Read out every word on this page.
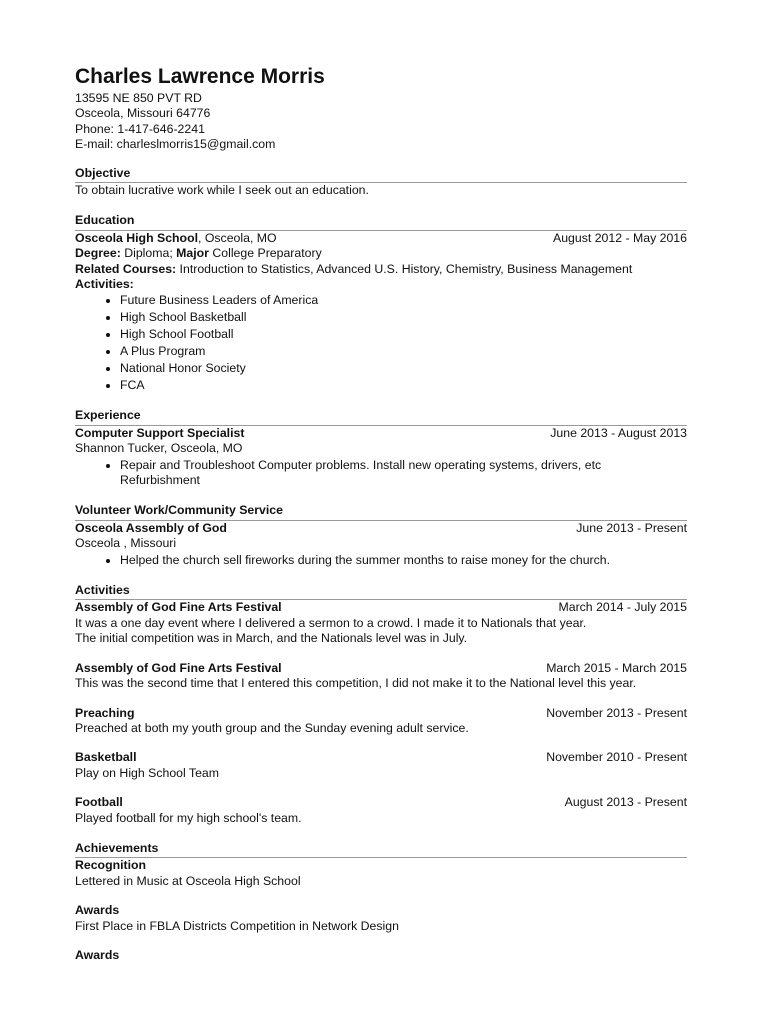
Charles Lawrence Morris
13595 NE 850 PVT RD
Osceola, Missouri 64776
Phone: 1-417-646-2241
E-mail: charleslmorris15@gmail.com
Objective
To obtain lucrative work while I seek out an education.
Education
Osceola High School, Osceola, MO	August 2012 - May 2016
Degree: Diploma; Major College Preparatory
Related Courses: Introduction to Statistics, Advanced U.S. History, Chemistry, Business Management
Activities:
• Future Business Leaders of America
• High School Basketball
• High School Football
• A Plus Program
• National Honor Society
• FCA
Experience
Computer Support Specialist	June 2013 - August 2013
Shannon Tucker, Osceola, MO
• Repair and Troubleshoot Computer problems. Install new operating systems, drivers, etc Refurbishment
Volunteer Work/Community Service
Osceola Assembly of God	June 2013 - Present
Osceola , Missouri
• Helped the church sell fireworks during the summer months to raise money for the church.
Activities
Assembly of God Fine Arts Festival	March 2014 - July 2015
It was a one day event where I delivered a sermon to a crowd. I made it to Nationals that year.
The initial competition was in March, and the Nationals level was in July.
Assembly of God Fine Arts Festival	March 2015 - March 2015
This was the second time that I entered this competition, I did not make it to the National level this year.
Preaching	November 2013 - Present
Preached at both my youth group and the Sunday evening adult service.
Basketball	November 2010 - Present
Play on High School Team
Football	August 2013 - Present
Played football for my high school's team.
Achievements
Recognition
Lettered in Music at Osceola High School
Awards
First Place in FBLA Districts Competition in Network Design
Awards
